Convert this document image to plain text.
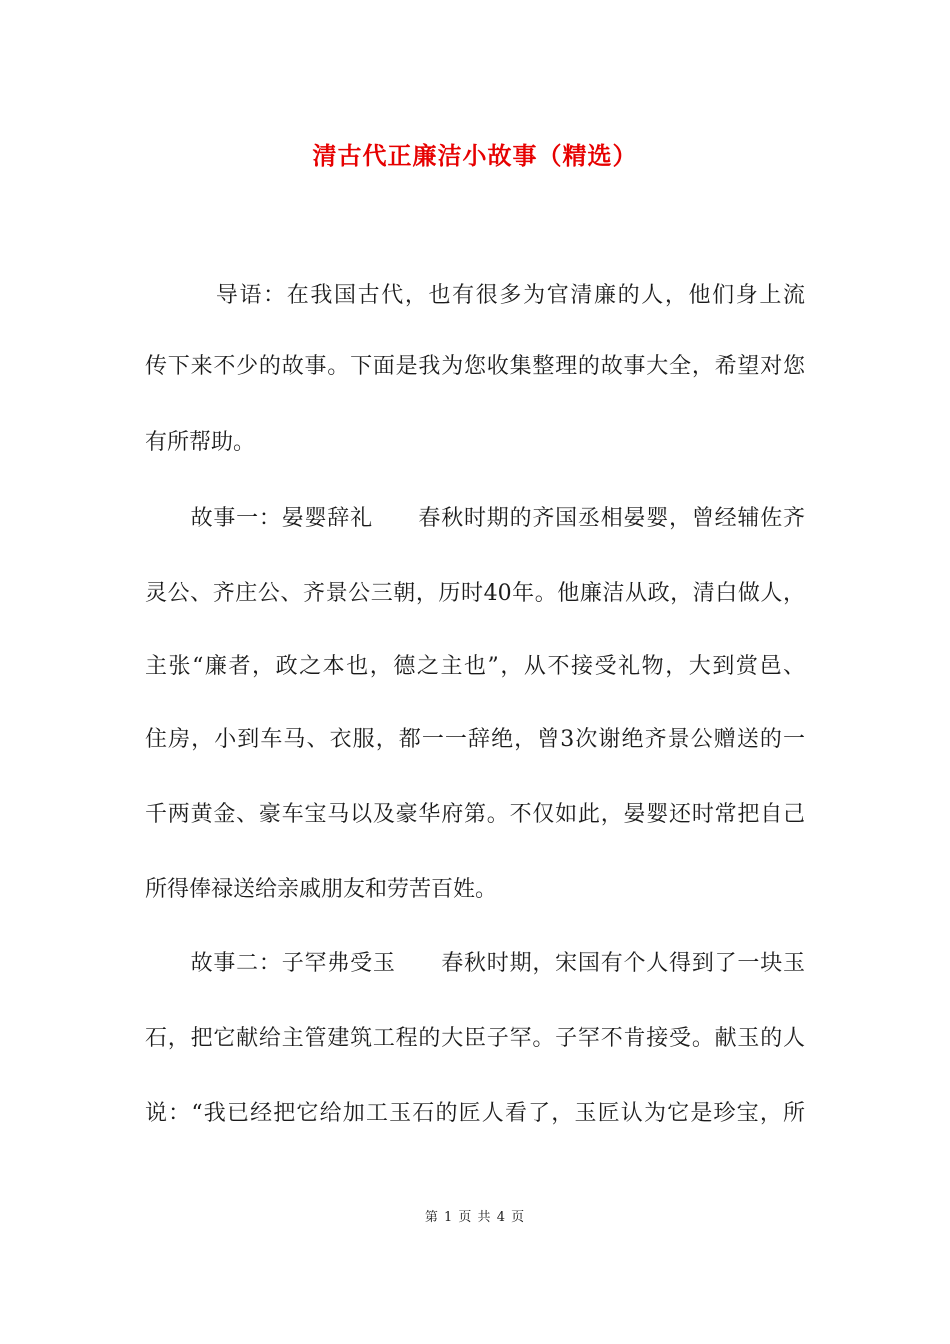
清古代正廉洁小故事（精选）
　　　导语：在我国古代，也有很多为官清廉的人，他们身上流
传下来不少的故事。下面是我为您收集整理的故事大全，希望对您
有所帮助。
　　故事一：晏婴辞礼　　春秋时期的齐国丞相晏婴，曾经辅佐齐
灵公、齐庄公、齐景公三朝，历时40年。他廉洁从政，清白做人，
主张“廉者，政之本也，德之主也”，从不接受礼物，大到赏邑、
住房，小到车马、衣服，都一一辞绝，曾3次谢绝齐景公赠送的一
千两黄金、豪车宝马以及豪华府第。不仅如此，晏婴还时常把自己
所得俸禄送给亲戚朋友和劳苦百姓。
　　故事二：子罕弗受玉　　春秋时期，宋国有个人得到了一块玉
石，把它献给主管建筑工程的大臣子罕。子罕不肯接受。献玉的人
说：“我已经把它给加工玉石的匠人看了，玉匠认为它是珍宝，所
第 1 页 共 4 页
